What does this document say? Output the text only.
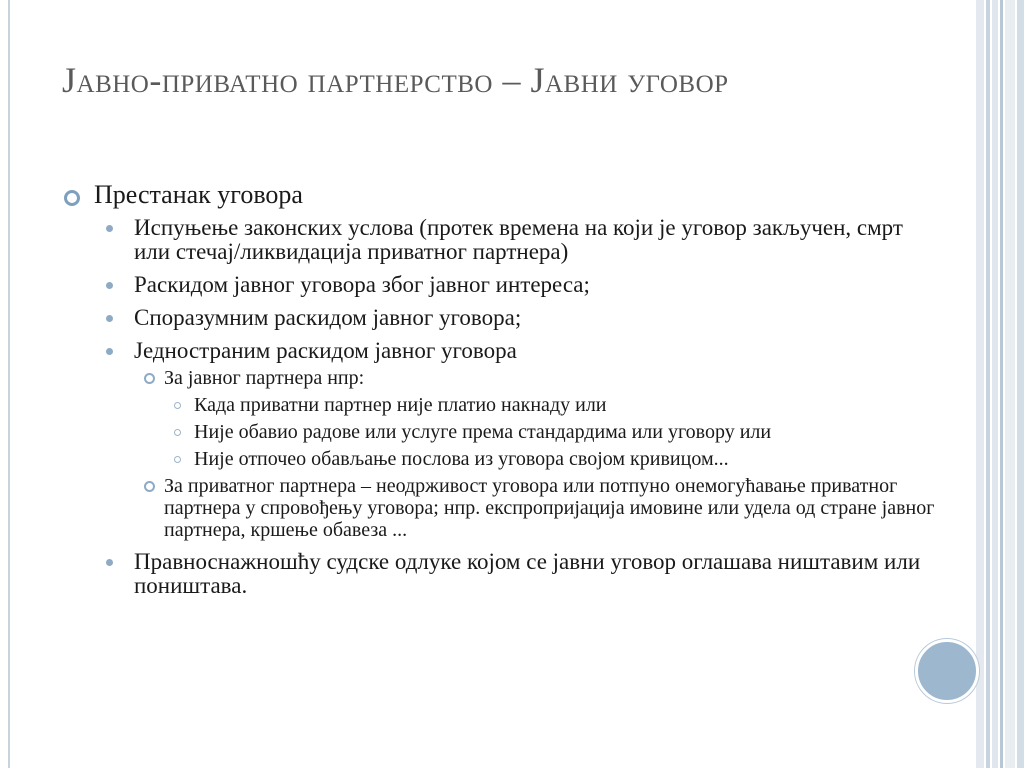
Јавно-приватно партнерство – Јавни уговор
Престанак уговора
Испуњење законских услова (протек времена на који је уговор закључен, смрт или стечај/ликвидација приватног партнера)
Раскидом јавног уговора због јавног интереса;
Споразумним раскидом јавног уговора;
Једностраним раскидом јавног уговора
За јавног партнера нпр:
Када приватни партнер није платио накнаду или
Није обавио радове или услуге према стандардима или уговору или
Није отпочео обављање послова из уговора својом кривицом...
За приватног партнера – неодрживост уговора или потпуно онемогућавање приватног партнера у спровођењу уговора; нпр. експропријација имовине или удела од стране јавног партнера, кршење обавеза ...
Правноснажношћу судске одлуке којом се јавни уговор оглашава ништавим или поништава.
